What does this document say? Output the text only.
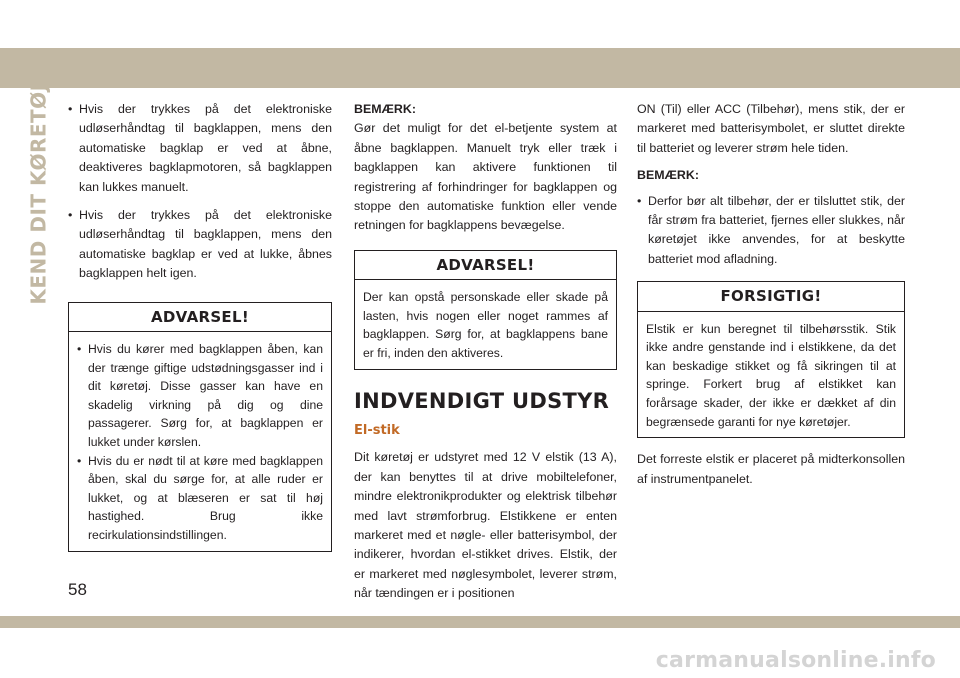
KEND DIT KØRETØJ • Hvis der trykkes på det elektroniske udløserhåndtag til bagklappen, mens den automatiske bagklap er ved at åbne, deaktiveres bagklapmotoren, så bagklappen kan lukkes manuelt.
• Hvis der trykkes på det elektroniske udløserhåndtag til bagklappen, mens den automatiske bagklap er ved at lukke, åbnes bagklappen helt igen.
ADVARSEL!
• Hvis du kører med bagklappen åben, kan der trænge giftige udstødningsgasser ind i dit køretøj. Disse gasser kan have en skadelig virkning på dig og dine passagerer. Sørg for, at bagklappen er lukket under kørslen.
• Hvis du er nødt til at køre med bagklappen åben, skal du sørge for, at alle ruder er lukket, og at blæseren er sat til høj hastighed. Brug ikke recirkulationsindstillingen.

BEMÆRK:

Gør det muligt for det el-betjente system at åbne bagklappen. Manuelt tryk eller træk i bagklappen kan aktivere funktionen til registrering af forhindringer for bagklappen og stoppe den automatiske funktion eller vende retningen for bagklappens bevægelse.

ADVARSEL!

Der kan opstå personskade eller skade på lasten, hvis nogen eller noget rammes af bagklappen. Sørg for, at bagklappens bane er fri, inden den aktiveres.

INDVENDIGT UDSTYR
El-stik

Dit køretøj er udstyret med 12 V elstik (13 A), der kan benyttes til at drive mobiltelefoner, mindre elektronikprodukter og elektrisk tilbehør med lavt strømforbrug. Elstikkene er enten markeret med et nøgle- eller batterisymbol, der indikerer, hvordan el-stikket drives. Elstik, der er markeret med nøglesymbolet, leverer strøm, når tændingen er i positionen

ON (Til) eller ACC (Tilbehør), mens stik, der er markeret med batterisymbolet, er sluttet direkte til batteriet og leverer strøm hele tiden.

BEMÆRK:

• Derfor bør alt tilbehør, der er tilsluttet stik, der får strøm fra batteriet, fjernes eller slukkes, når køretøjet ikke anvendes, for at beskytte batteriet mod afladning.
FORSIGTIG!

Elstik er kun beregnet til tilbehørsstik. Stik ikke andre genstande ind i elstikkene, da det kan beskadige stikket og få sikringen til at springe. Forkert brug af elstikket kan forårsage skader, der ikke er dækket af din begrænsede garanti for nye køretøjer.

Det forreste elstik er placeret på midterkonsollen af instrumentpanelet.

58
carmanualsonline.info
